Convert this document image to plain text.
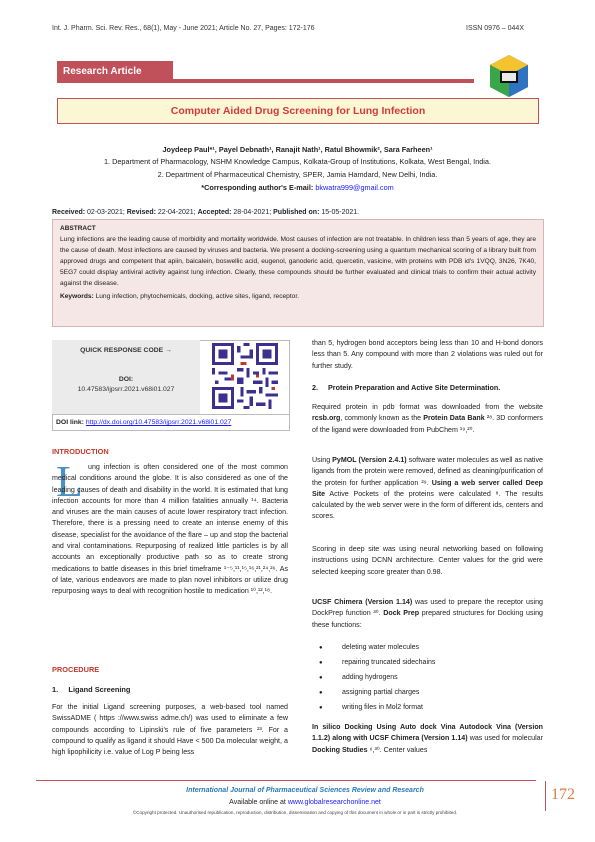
Int. J. Pharm. Sci. Rev. Res., 68(1), May - June 2021; Article No. 27, Pages: 172-176	ISSN 0976 – 044X
Research Article
Computer Aided Drug Screening for Lung Infection
Joydeep Paul*¹, Payel Debnath¹, Ranajit Nath¹, Ratul Bhowmik², Sara Farheen¹
1. Department of Pharmacology, NSHM Knowledge Campus, Kolkata-Group of Institutions, Kolkata, West Bengal, India.
2. Department of Pharmaceutical Chemistry, SPER, Jamia Hamdard, New Delhi, India.
*Corresponding author's E-mail: bkwatra999@gmail.com
Received: 02-03-2021; Revised: 22-04-2021; Accepted: 28-04-2021; Published on: 15-05-2021.
ABSTRACT
Lung infections are the leading cause of morbidity and mortality worldwide. Most causes of infection are not treatable. In children less than 5 years of age, they are the cause of death. Most infections are caused by viruses and bacteria. We present a docking-screening using a quantum mechanical scoring of a library built from approved drugs and competent that apiin, baicalein, boswellic acid, eugenol, ganoderic acid, quercetin, vasicine, with proteins with PDB id's 1VQQ, 3N26, 7K40, 5EG7 could display antiviral activity against lung infection. Clearly, these compounds should be further evaluated and clinical trials to confirm their actual activity against the disease.
Keywords: Lung infection, phytochemicals, docking, active sites, ligand, receptor.
QUICK RESPONSE CODE →
DOI:
10.47583/ijpsrr.2021.v68i01.027
DOI link: http://dx.doi.org/10.47583/ijpsrr.2021.v68i01.027
INTRODUCTION
L ung infection is often considered one of the most common medical conditions around the globe. It is also considered as one of the leading causes of death and disability in the world. It is estimated that lung infection accounts for more than 4 million fatalities annually ¹⁴. Bacteria and viruses are the main causes of acute lower respiratory tract infection. Therefore, there is a pressing need to create an intense enemy of this disease, specialist for the avoidance of the flare – up and stop the bacterial and viral contaminations. Repurposing of realized little particles is by all accounts an exceptionally productive path so as to create strong medications to battle diseases in this brief timeframe ¹⁻⁵,¹¹,¹⁵,¹⁶,²¹,²⁴,²⁶. As of late, various endeavors are made to plan novel inhibitors or utilize drug repurposing ways to deal with recognition hostile to medication ¹⁰,¹²,¹⁸.
PROCEDURE
1.     Ligand Screening
For the initial Ligand screening purposes, a web-based tool named SwissADME ( https ://www.swiss adme.ch/) was used to eliminate a few compounds according to Lipinski's rule of five parameters ²³. For a compound to qualify as ligand it should Have < 500 Da molecular weight, a high lipophilicity i.e. value of Log P being less
than 5, hydrogen bond acceptors being less than 10 and H-bond donors less than 5. Any compound with more than 2 violations was ruled out for further study.
2.     Protein Preparation and Active Site Determination.
Required protein in pdb format was downloaded from the website rcsb.org, commonly known as the Protein Data Bank ²⁸. 3D conformers of the ligand were downloaded from PubChem ¹⁹,²⁰.
Using PyMOL (Version 2.4.1) software water molecules as well as native ligands from the protein were removed, defined as cleaning/purification of the protein for further application ²⁹. Using a web server called Deep Site Active Pockets of the proteins were calculated ⁸. The results calculated by the web server were in the form of different ids, centers and scores.
Scoring in deep site was using neural networking based on following instructions using DCNN architecture. Center values for the grid were selected keeping score greater than 0.98.
UCSF Chimera (Version 1.14) was used to prepare the receptor using DockPrep function ³⁰. Dock Prep prepared structures for Docking using these functions:
● deleting water molecules
● repairing truncated sidechains
● adding hydrogens
● assigning partial charges
● writing files in Mol2 format
In silico Docking Using Auto dock Vina Autodock Vina (Version 1.1.2) along with UCSF Chimera (Version 1.14) was used for molecular Docking Studies ⁶,³⁰. Center values
International Journal of Pharmaceutical Sciences Review and Research
Available online at www.globalresearchonline.net
©Copyright protected. Unauthorised republication, reproduction, distribution, dissemination and copying of this document in whole or in part is strictly prohibited.
172
